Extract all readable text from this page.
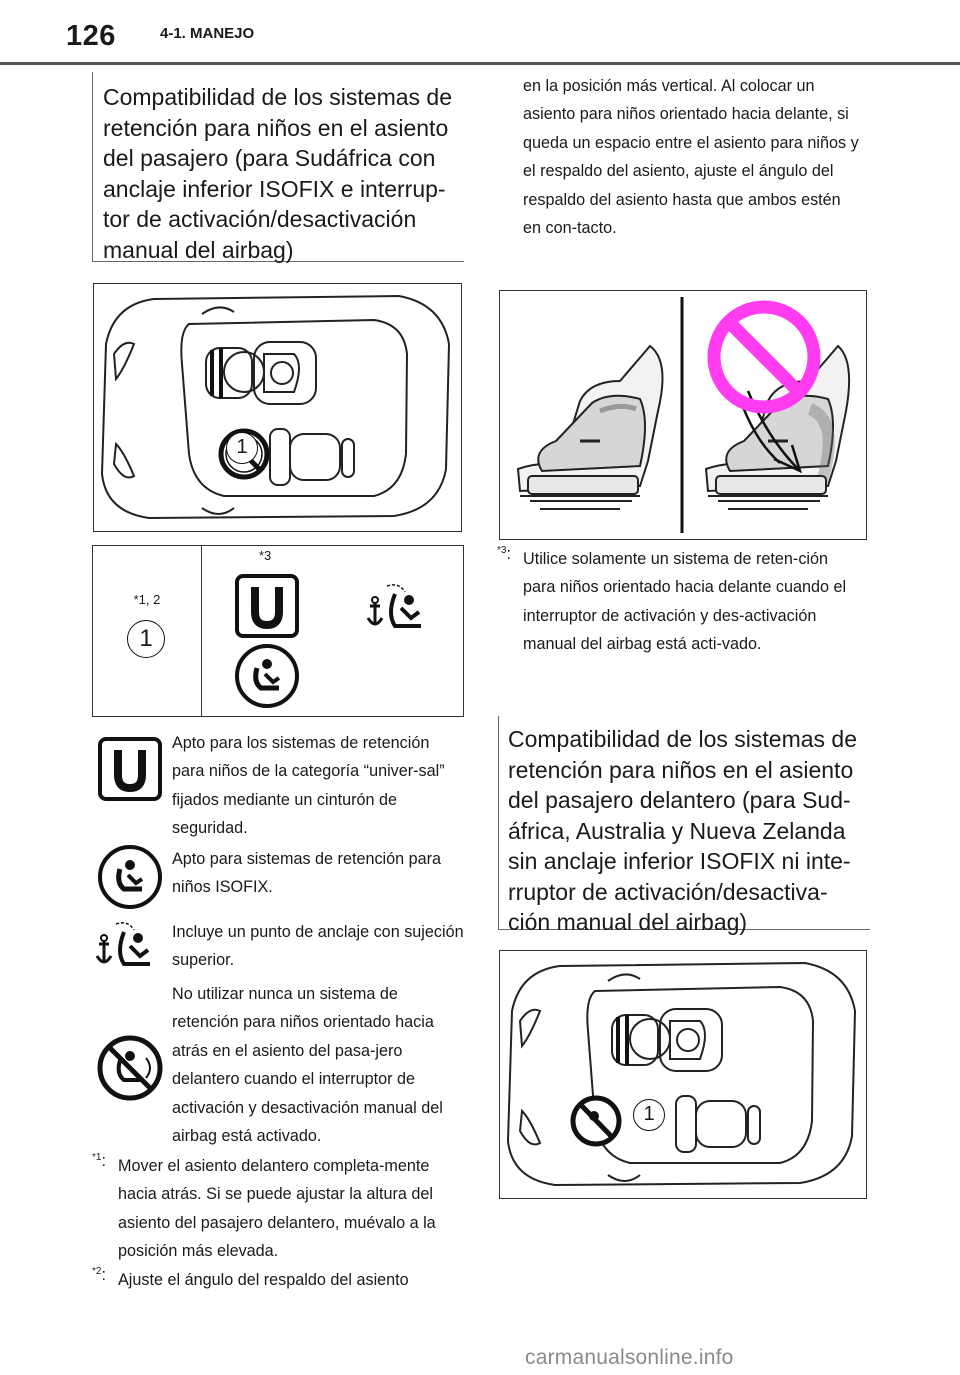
126	4-1. MANEJO
Compatibilidad de los sistemas de retención para niños en el asiento del pasajero (para Sudáfrica con anclaje inferior ISOFIX e interrup-tor de activación/desactivación manual del airbag)
1
*1, 2
1
*3
Apto para los sistemas de retención para niños de la categoría “univer-sal” fijados mediante un cinturón de seguridad.
Apto para sistemas de retención para niños ISOFIX.
Incluye un punto de anclaje con sujeción superior.
No utilizar nunca un sistema de retención para niños orientado hacia atrás en el asiento del pasa-jero delantero cuando el interruptor de activación y desactivación manual del airbag está activado.
$^{*1}$: Mover el asiento delantero completa-mente hacia atrás. Si se puede ajustar la altura del asiento del pasajero delantero, muévalo a la posición más elevada.
$^{*2}$: Ajuste el ángulo del respaldo del asiento
en la posición más vertical. Al colocar un asiento para niños orientado hacia delante, si queda un espacio entre el asiento para niños y el respaldo del asiento, ajuste el ángulo del respaldo del asiento hasta que ambos estén en con-tacto.
$^{*3}$: Utilice solamente un sistema de reten-ción para niños orientado hacia delante cuando el interruptor de activación y des-activación manual del airbag está acti-vado.
Compatibilidad de los sistemas de retención para niños en el asiento del pasajero delantero (para Sud-áfrica, Australia y Nueva Zelanda sin anclaje inferior ISOFIX ni inte-rruptor de activación/desactiva-ción manual del airbag)
1
carmanualsonline.info
